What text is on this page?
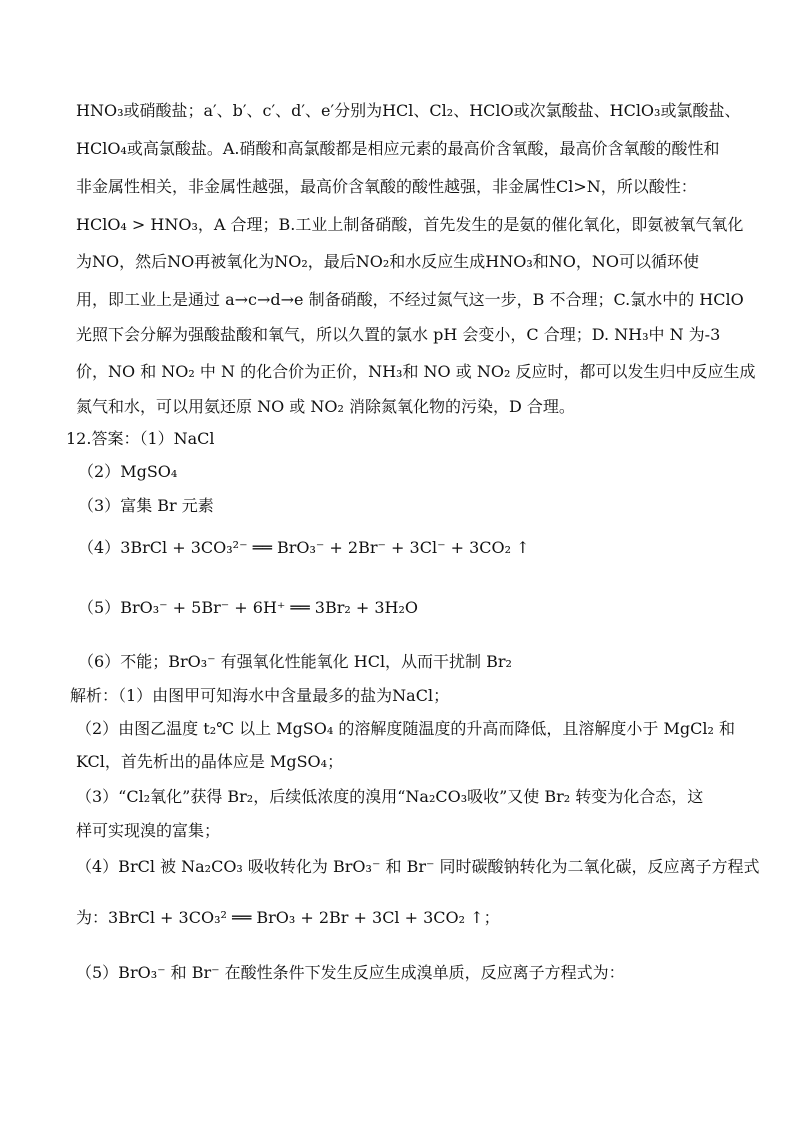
HNO₃或硝酸盐；a′、b′、c′、d′、e′分别为HCl、Cl₂、HClO或次氯酸盐、HClO₃或氯酸盐、
HClO₄或高氯酸盐。A.硝酸和高氯酸都是相应元素的最高价含氧酸，最高价含氧酸的酸性和
非金属性相关，非金属性越强，最高价含氧酸的酸性越强，非金属性Cl>N，所以酸性：
HClO₄ > HNO₃，A 合理；B.工业上制备硝酸，首先发生的是氨的催化氧化，即氨被氧气氧化
为NO，然后NO再被氧化为NO₂，最后NO₂和水反应生成HNO₃和NO，NO可以循环使
用，即工业上是通过 a→c→d→e 制备硝酸，不经过氮气这一步，B 不合理；C.氯水中的 HClO
光照下会分解为强酸盐酸和氧气，所以久置的氯水 pH 会变小，C 合理；D. NH₃中 N 为-3
价，NO 和 NO₂ 中 N 的化合价为正价，NH₃和 NO 或 NO₂ 反应时，都可以发生归中反应生成
氮气和水，可以用氨还原 NO 或 NO₂ 消除氮氧化物的污染，D 合理。
12.答案：（1）NaCl
（2）MgSO₄
（3）富集 Br 元素
（4）3BrCl + 3CO₃²⁻ ══ BrO₃⁻ + 2Br⁻ + 3Cl⁻ + 3CO₂ ↑
（5）BrO₃⁻ + 5Br⁻ + 6H⁺ ══ 3Br₂ + 3H₂O
（6）不能；BrO₃⁻ 有强氧化性能氧化 HCl，从而干扰制 Br₂
解析：（1）由图甲可知海水中含量最多的盐为NaCl；
（2）由图乙温度 t₂℃ 以上 MgSO₄ 的溶解度随温度的升高而降低，且溶解度小于 MgCl₂ 和
KCl，首先析出的晶体应是 MgSO₄；
（3）“Cl₂氧化”获得 Br₂，后续低浓度的溴用“Na₂CO₃吸收”又使 Br₂ 转变为化合态，这
样可实现溴的富集；
（4）BrCl 被 Na₂CO₃ 吸收转化为 BrO₃⁻ 和 Br⁻ 同时碳酸钠转化为二氧化碳，反应离子方程式
为：3BrCl + 3CO₃² ══ BrO₃ + 2Br + 3Cl + 3CO₂ ↑；
（5）BrO₃⁻ 和 Br⁻ 在酸性条件下发生反应生成溴单质，反应离子方程式为：
